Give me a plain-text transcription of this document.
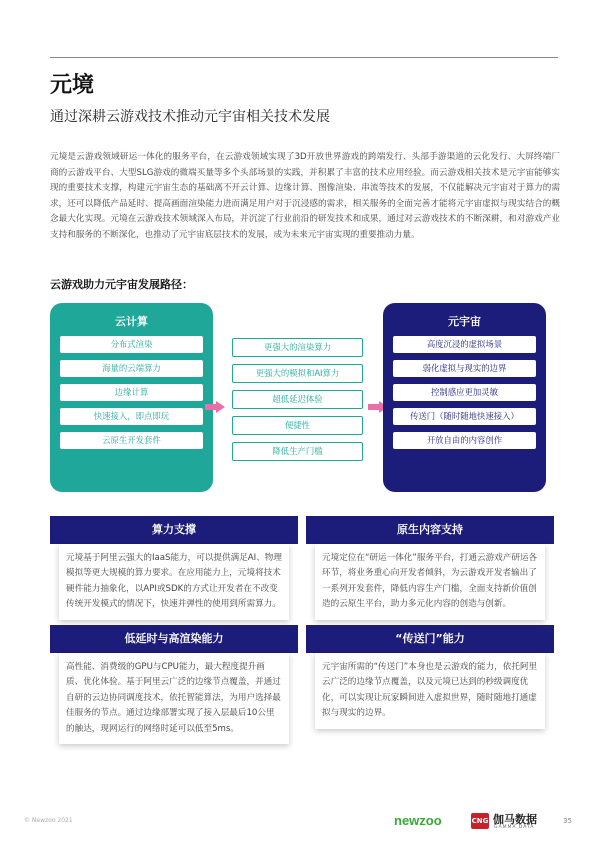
元境
通过深耕云游戏技术推动元宇宙相关技术发展

元境是云游戏领域研运一体化的服务平台，在云游戏领域实现了3D开放世界游戏的跨端发行、头部手游渠道的云化发行、大屏终端厂商的云游戏平台、大型SLG游戏的微端买量等多个头部场景的实践，并积累了丰富的技术应用经验。而云游戏相关技术是元宇宙能够实现的重要技术支撑，构建元宇宙生态的基础离不开云计算、边缘计算、图像渲染、串流等技术的发展，不仅能解决元宇宙对于算力的需求，还可以降低产品延时、提高画面渲染能力进而满足用户对于沉浸感的需求，相关服务的全面完善才能将元宇宙虚拟与现实结合的概念最大化实现。元境在云游戏技术领域深入布局，并沉淀了行业前沿的研发技术和成果，通过对云游戏技术的不断深耕，和对游戏产业支持和服务的不断深化，也推动了元宇宙底层技术的发展，成为未来元宇宙实现的重要推动力量。

云游戏助力元宇宙发展路径：
云计算
分布式渲染
海量的云端算力
边缘计算
快速接入，即点即玩
云原生开发套件
更强大的渲染算力
更强大的模拟和AI算力
超低延迟体验
便捷性
降低生产门槛
元宇宙
高度沉浸的虚拟场景
弱化虚拟与现实的边界
控制感应更加灵敏
传送门（随时随地快速接入）
开放自由的内容创作
算力支撑
元境基于阿里云强大的IaaS能力，可以提供满足AI、物理模拟等更大规模的算力要求。在应用能力上，元境将技术硬件能力抽象化，以API或SDK的方式让开发者在不改变传统开发模式的情况下，快速并弹性的使用到所需算力。
原生内容支持
元境定位在“研运一体化”服务平台，打通云游戏产研运各环节，将业务重心向开发者倾斜，为云游戏开发者输出了一系列开发套件，降低内容生产门槛，全面支持新价值创造的云原生平台，助力多元化内容的创造与创新。
低延时与高渲染能力
高性能、消费级的GPU与CPU能力，最大程度提升画质、优化体验。基于阿里云广泛的边缘节点覆盖，并通过自研的云边协同调度技术，依托智能算法，为用户选择最佳服务的节点。通过边缘部署实现了接入层最后10公里的触达，现网运行的网络时延可以低至5ms。
“传送门”能力
元宇宙所需的“传送门”本身也是云游戏的能力，依托阿里云广泛的边缘节点覆盖，以及元境已达到的秒级调度优化，可以实现让玩家瞬间进入虚拟世界，随时随地打通虚拟与现实的边界。
© Newzoo 2021	newzoo	CNG 伽马数据
GAMMA DATA
35
